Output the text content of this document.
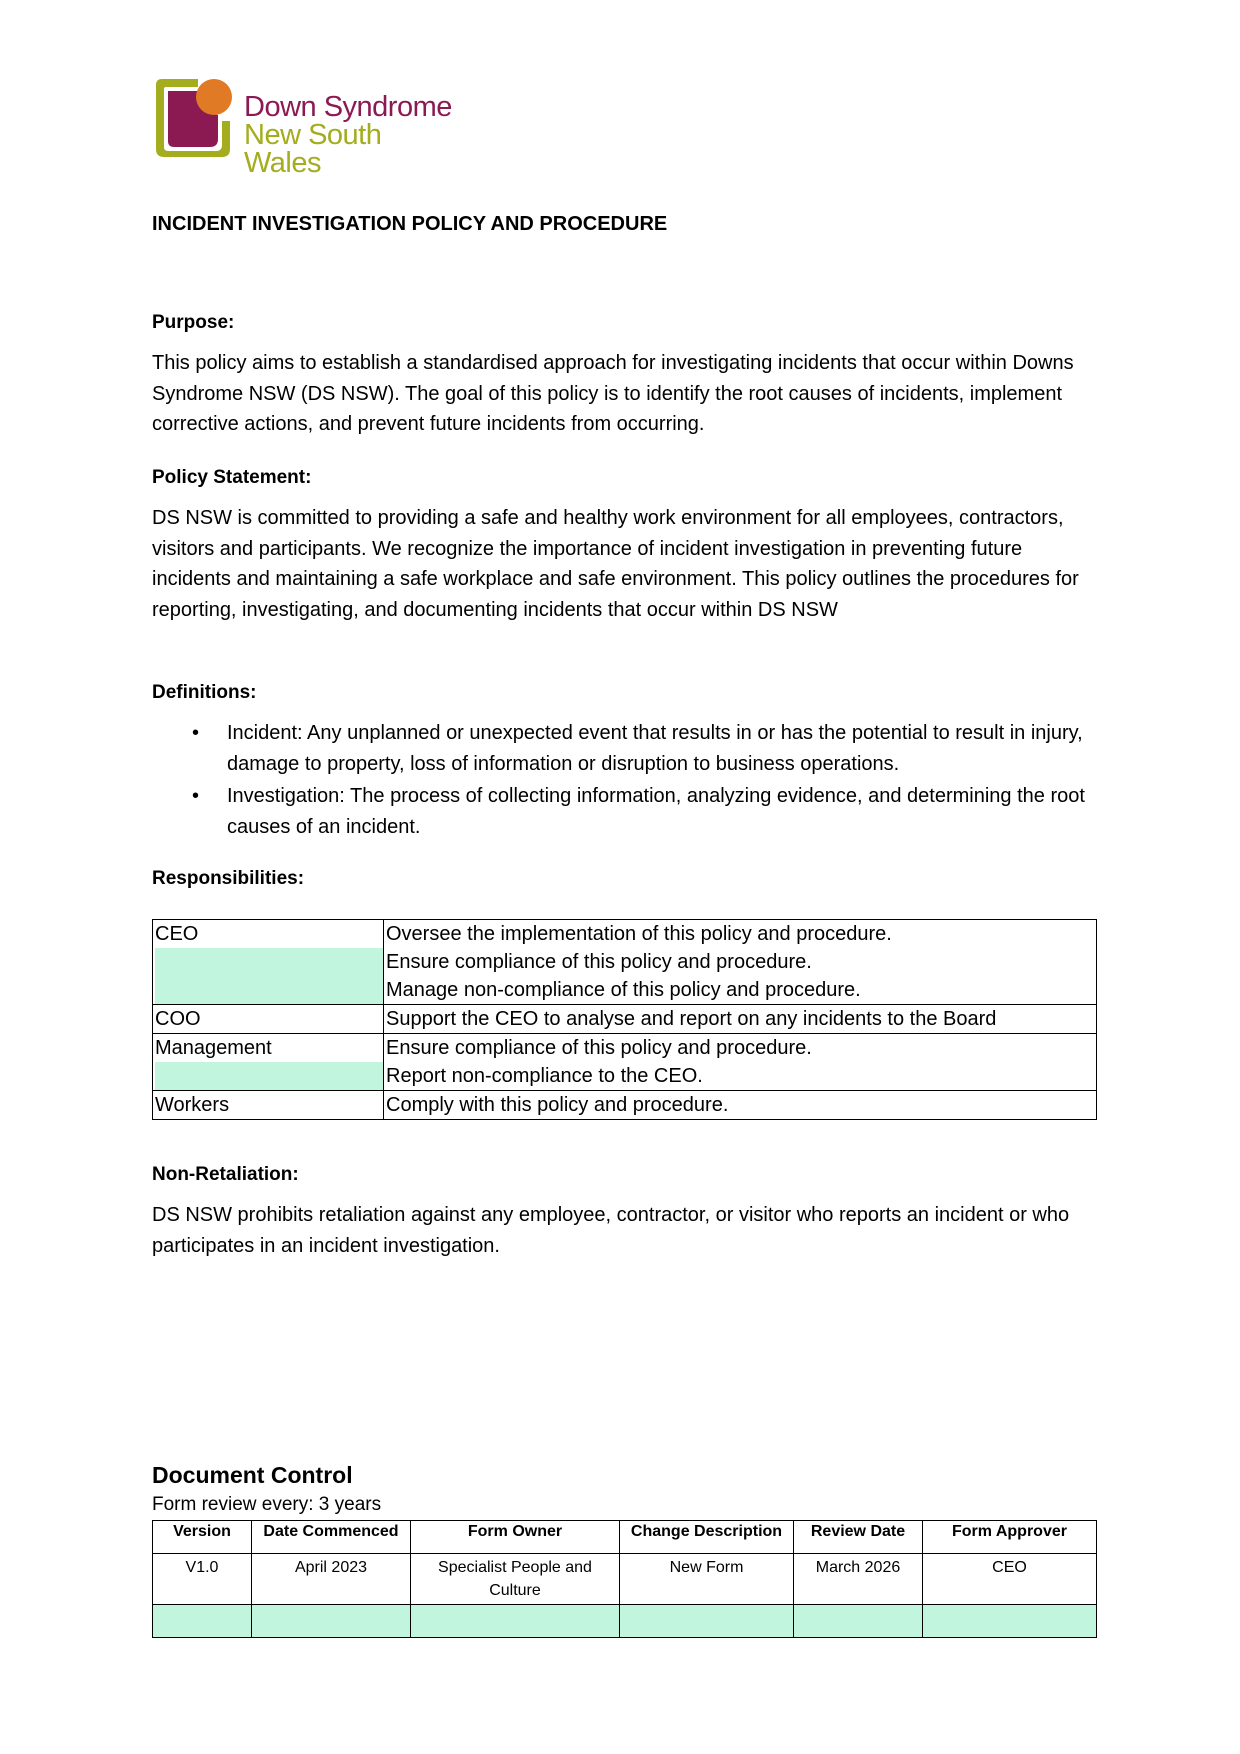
Down Syndrome
New South Wales
INCIDENT INVESTIGATION POLICY AND PROCEDURE

Purpose:

This policy aims to establish a standardised approach for investigating incidents that occur within Downs Syndrome NSW (DS NSW). The goal of this policy is to identify the root causes of incidents, implement corrective actions, and prevent future incidents from occurring.

Policy Statement:

DS NSW is committed to providing a safe and healthy work environment for all employees, contractors, visitors and participants. We recognize the importance of incident investigation in preventing future incidents and maintaining a safe workplace and safe environment. This policy outlines the procedures for reporting, investigating, and documenting incidents that occur within DS NSW

Definitions:

• Incident: Any unplanned or unexpected event that results in or has the potential to result in injury, damage to property, loss of information or disruption to business operations.
• Investigation: The process of collecting information, analyzing evidence, and determining the root causes of an incident.

Responsibilities:

CEO	Oversee the implementation of this policy and procedure.
Ensure compliance of this policy and procedure.
Manage non-compliance of this policy and procedure.

COO	Support the CEO to analyse and report on any incidents to the Board

Management	Ensure compliance of this policy and procedure.
Report non-compliance to the CEO.

Workers	Comply with this policy and procedure.

Non-Retaliation:

DS NSW prohibits retaliation against any employee, contractor, or visitor who reports an incident or who participates in an incident investigation.

Document Control
Form review every: 3 years
Version	Date Commenced	Form Owner	Change Description	Review Date	Form Approver
V1.0	April 2023	Specialist People and Culture	New Form	March 2026	CEO
